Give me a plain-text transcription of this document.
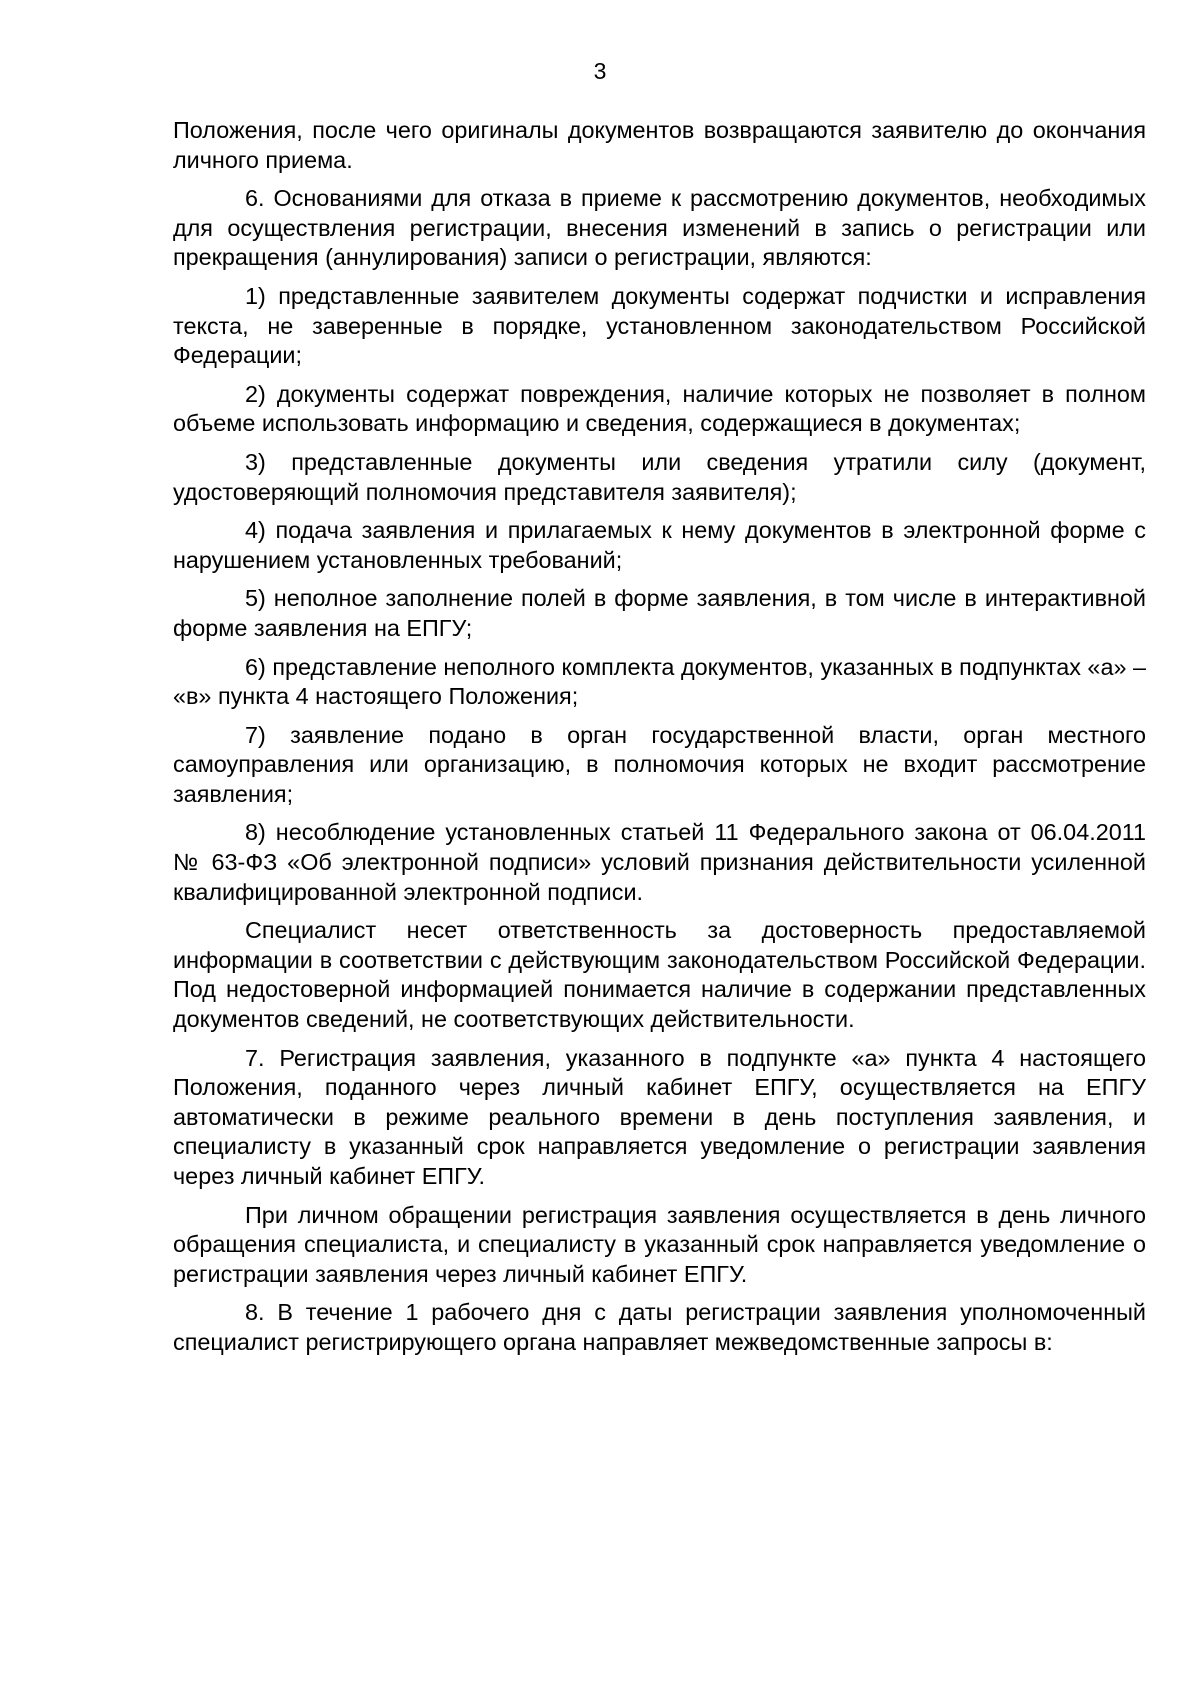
3

Положения, после чего оригиналы документов возвращаются заявителю до окончания личного приема.

6. Основаниями для отказа в приеме к рассмотрению документов, необходимых для осуществления регистрации, внесения изменений в запись о регистрации или прекращения (аннулирования) записи о регистрации, являются:

1) представленные заявителем документы содержат подчистки и исправления текста, не заверенные в порядке, установленном законодательством Российской Федерации;

2) документы содержат повреждения, наличие которых не позволяет в полном объеме использовать информацию и сведения, содержащиеся в документах;

3) представленные документы или сведения утратили силу (документ, удостоверяющий полномочия представителя заявителя);

4) подача заявления и прилагаемых к нему документов в электронной форме с нарушением установленных требований;

5) неполное заполнение полей в форме заявления, в том числе в интерактивной форме заявления на ЕПГУ;

6) представление неполного комплекта документов, указанных в подпунктах «а» – «в» пункта 4 настоящего Положения;

7) заявление подано в орган государственной власти, орган местного самоуправления или организацию, в полномочия которых не входит рассмотрение заявления;

8) несоблюдение установленных статьей 11 Федерального закона от 06.04.2011 № 63-ФЗ «Об электронной подписи» условий признания действительности усиленной квалифицированной электронной подписи.

Специалист несет ответственность за достоверность предоставляемой информации в соответствии с действующим законодательством Российской Федерации. Под недостоверной информацией понимается наличие в содержании представленных документов сведений, не соответствующих действительности.

7. Регистрация заявления, указанного в подпункте «а» пункта 4 настоящего Положения, поданного через личный кабинет ЕПГУ, осуществляется на ЕПГУ автоматически в режиме реального времени в день поступления заявления, и специалисту в указанный срок направляется уведомление о регистрации заявления через личный кабинет ЕПГУ.

При личном обращении регистрация заявления осуществляется в день личного обращения специалиста, и специалисту в указанный срок направляется уведомление о регистрации заявления через личный кабинет ЕПГУ.

8. В течение 1 рабочего дня с даты регистрации заявления уполномоченный специалист регистрирующего органа направляет межведомственные запросы в:
